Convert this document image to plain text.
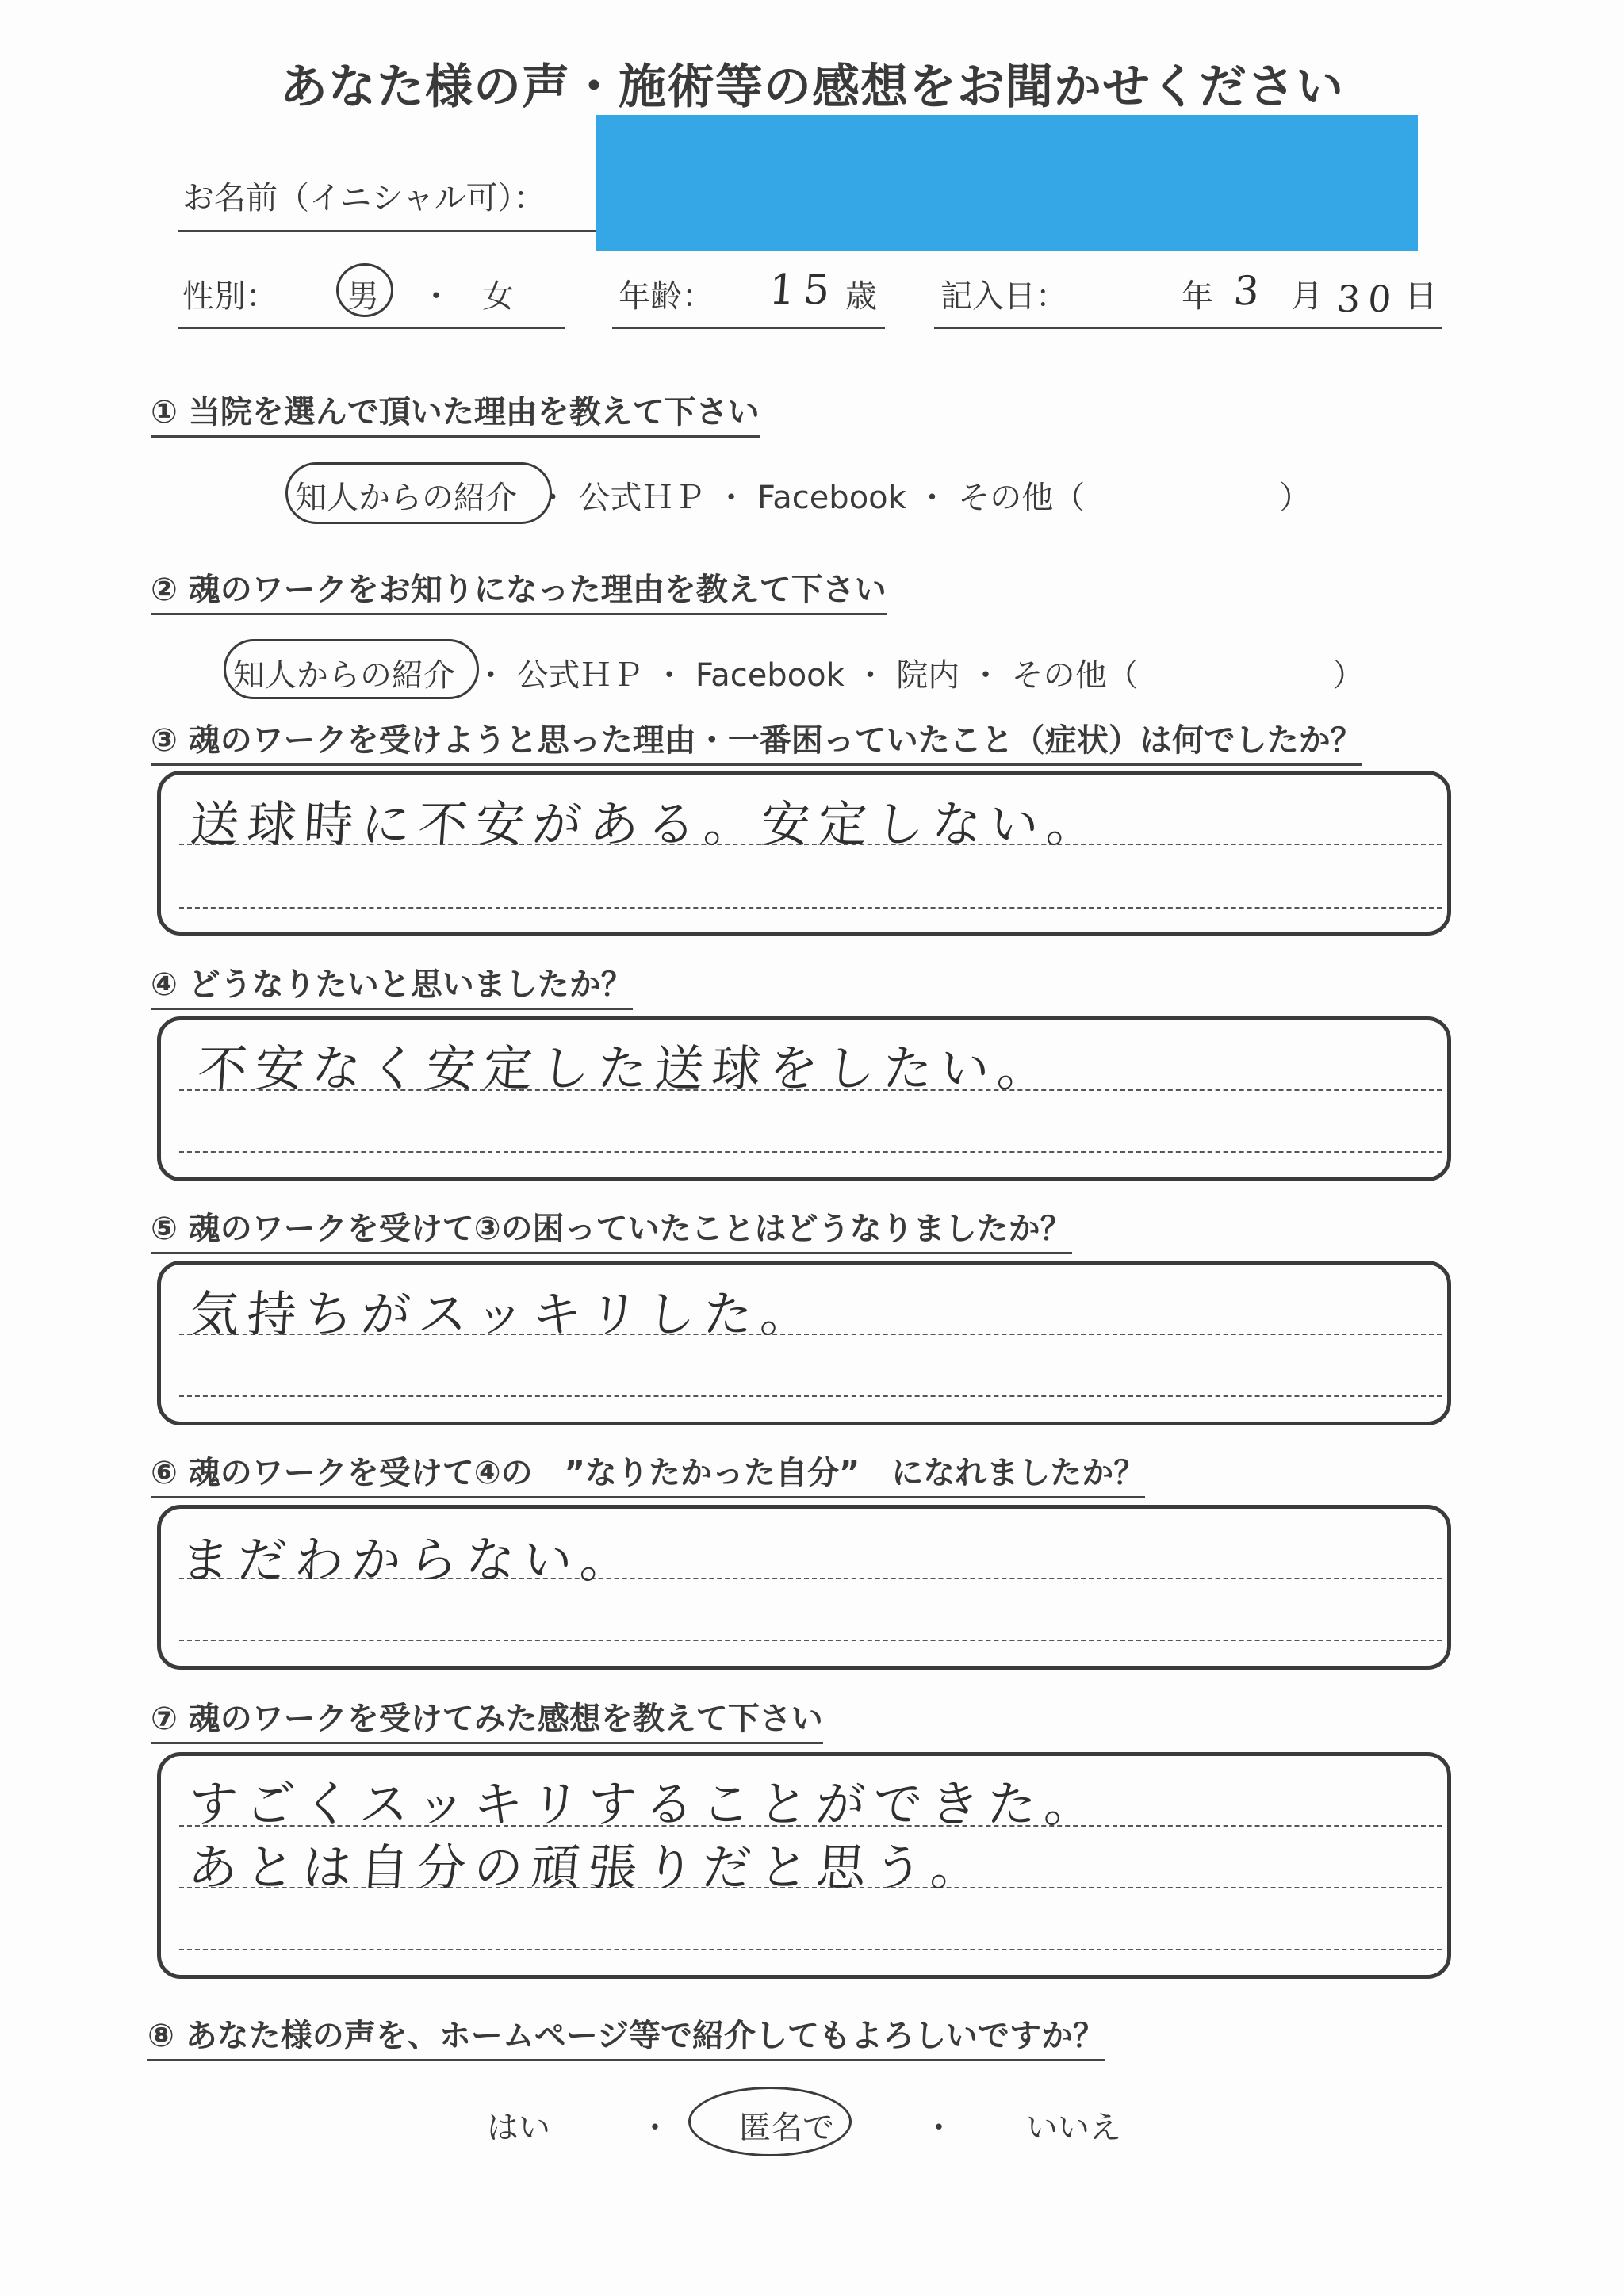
あなた様の声・施術等の感想をお聞かせください
お名前（イニシャル可）：
性別： 男 ・ 女	年齢： 15 歳 記入日：	年 3 月 30 日
① 当院を選んで頂いた理由を教えて下さい
知人からの紹介 ・ 公式ＨＰ ・ Facebook ・ その他（	）
② 魂のワークをお知りになった理由を教えて下さい
知人からの紹介 ・ 公式ＨＰ ・ Facebook ・ 院内 ・ その他（	）
③ 魂のワークを受けようと思った理由・一番困っていたこと（症状）は何でしたか？
送球時に不安がある。安定しない。
④ どうなりたいと思いましたか？
不安なく安定した送球をしたい。
⑤ 魂のワークを受けて③の困っていたことはどうなりましたか？
気持ちがスッキリした。
⑥ 魂のワークを受けて④の　”なりたかった自分”　になれましたか？
まだわからない。
⑦ 魂のワークを受けてみた感想を教えて下さい
すごくスッキリすることができた。
あとは自分の頑張りだと思う。
⑧ あなた様の声を、ホームページ等で紹介してもよろしいですか？
はい	・ 匿名で	・ いいえ
